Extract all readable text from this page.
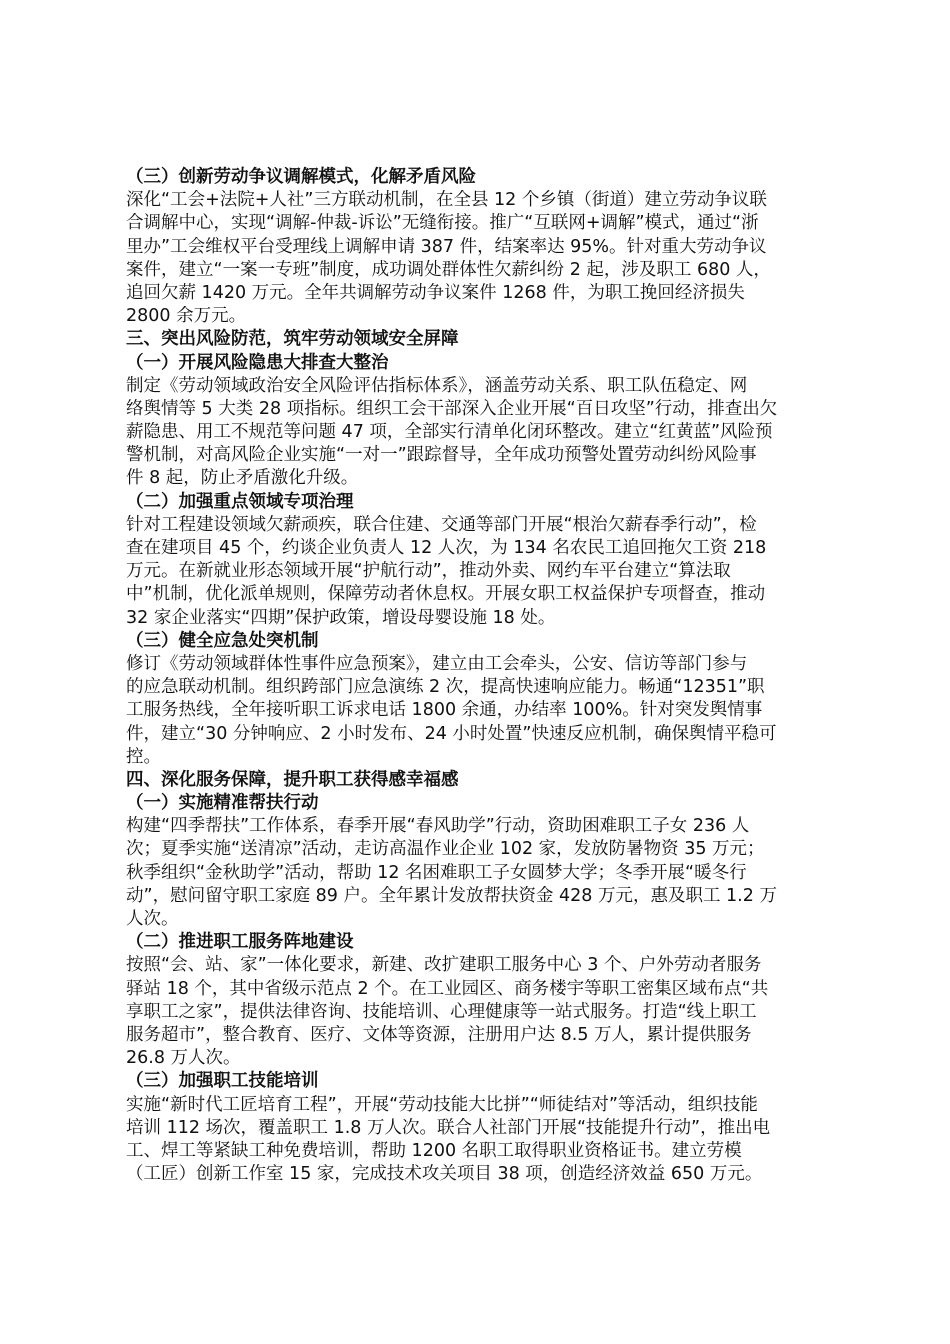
（三）创新劳动争议调解模式，化解矛盾风险
深化“工会+法院+人社”三方联动机制，在全县 12 个乡镇（街道）建立劳动争议联
合调解中心，实现“调解-仲裁-诉讼”无缝衔接。推广“互联网+调解”模式，通过“浙
里办”工会维权平台受理线上调解申请 387 件，结案率达 95%。针对重大劳动争议
案件，建立“一案一专班”制度，成功调处群体性欠薪纠纷 2 起，涉及职工 680 人，
追回欠薪 1420 万元。全年共调解劳动争议案件 1268 件，为职工挽回经济损失
2800 余万元。
三、突出风险防范，筑牢劳动领域安全屏障
（一）开展风险隐患大排查大整治
制定《劳动领域政治安全风险评估指标体系》，涵盖劳动关系、职工队伍稳定、网
络舆情等 5 大类 28 项指标。组织工会干部深入企业开展“百日攻坚”行动，排查出欠
薪隐患、用工不规范等问题 47 项，全部实行清单化闭环整改。建立“红黄蓝”风险预
警机制，对高风险企业实施“一对一”跟踪督导，全年成功预警处置劳动纠纷风险事
件 8 起，防止矛盾激化升级。
（二）加强重点领域专项治理
针对工程建设领域欠薪顽疾，联合住建、交通等部门开展“根治欠薪春季行动”，检
查在建项目 45 个，约谈企业负责人 12 人次，为 134 名农民工追回拖欠工资 218
万元。在新就业形态领域开展“护航行动”，推动外卖、网约车平台建立“算法取
中”机制，优化派单规则，保障劳动者休息权。开展女职工权益保护专项督查，推动
32 家企业落实“四期”保护政策，增设母婴设施 18 处。
（三）健全应急处突机制
修订《劳动领域群体性事件应急预案》，建立由工会牵头，公安、信访等部门参与
的应急联动机制。组织跨部门应急演练 2 次，提高快速响应能力。畅通“12351”职
工服务热线，全年接听职工诉求电话 1800 余通，办结率 100%。针对突发舆情事
件，建立“30 分钟响应、2 小时发布、24 小时处置”快速反应机制，确保舆情平稳可
控。
四、深化服务保障，提升职工获得感幸福感
（一）实施精准帮扶行动
构建“四季帮扶”工作体系，春季开展“春风助学”行动，资助困难职工子女 236 人
次；夏季实施“送清凉”活动，走访高温作业企业 102 家，发放防暑物资 35 万元；
秋季组织“金秋助学”活动，帮助 12 名困难职工子女圆梦大学；冬季开展“暖冬行
动”，慰问留守职工家庭 89 户。全年累计发放帮扶资金 428 万元，惠及职工 1.2 万
人次。
（二）推进职工服务阵地建设
按照“会、站、家”一体化要求，新建、改扩建职工服务中心 3 个、户外劳动者服务
驿站 18 个，其中省级示范点 2 个。在工业园区、商务楼宇等职工密集区域布点“共
享职工之家”，提供法律咨询、技能培训、心理健康等一站式服务。打造“线上职工
服务超市”，整合教育、医疗、文体等资源，注册用户达 8.5 万人，累计提供服务
26.8 万人次。
（三）加强职工技能培训
实施“新时代工匠培育工程”，开展“劳动技能大比拼”“师徒结对”等活动，组织技能
培训 112 场次，覆盖职工 1.8 万人次。联合人社部门开展“技能提升行动”，推出电
工、焊工等紧缺工种免费培训，帮助 1200 名职工取得职业资格证书。建立劳模
（工匠）创新工作室 15 家，完成技术攻关项目 38 项，创造经济效益 650 万元。
